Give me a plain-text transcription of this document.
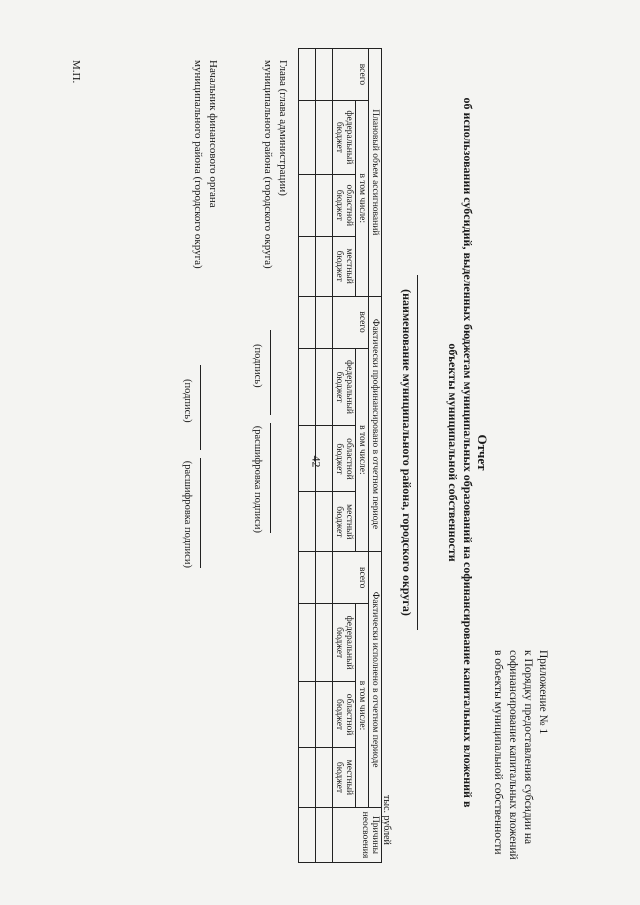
42
Приложение № 1
к Порядку предоставления субсидии на
софинансирование капитальных вложений
в объекты муниципальной собственности
Отчет
об использовании субсидий, выделенных бюджетам муниципальных образований на софинансирование капитальных вложений в
объекты муниципальной собственности
(наименование муниципального района, городского округа)
тыс. рублей
Плановый объем ассигнований				Фактически профинансировано в отчетном периоде				Фактически исполнено в отчетном периоде				Причины неосвоения
всего	в том числе:			всего	в том числе:			всего	в том числе:			
	федеральный бюджет	областной бюджет	местный бюджет		федеральный бюджет	областной бюджет	местный бюджет		федеральный бюджет	областной бюджет	местный бюджет	

Глава (глава администрации)
муниципального района (городского округа)
(подпись) (расшифровка подписи)
Начальник финансового органа
муниципального района (городского округа)
(подпись) (расшифровка подписи)
М.П.
